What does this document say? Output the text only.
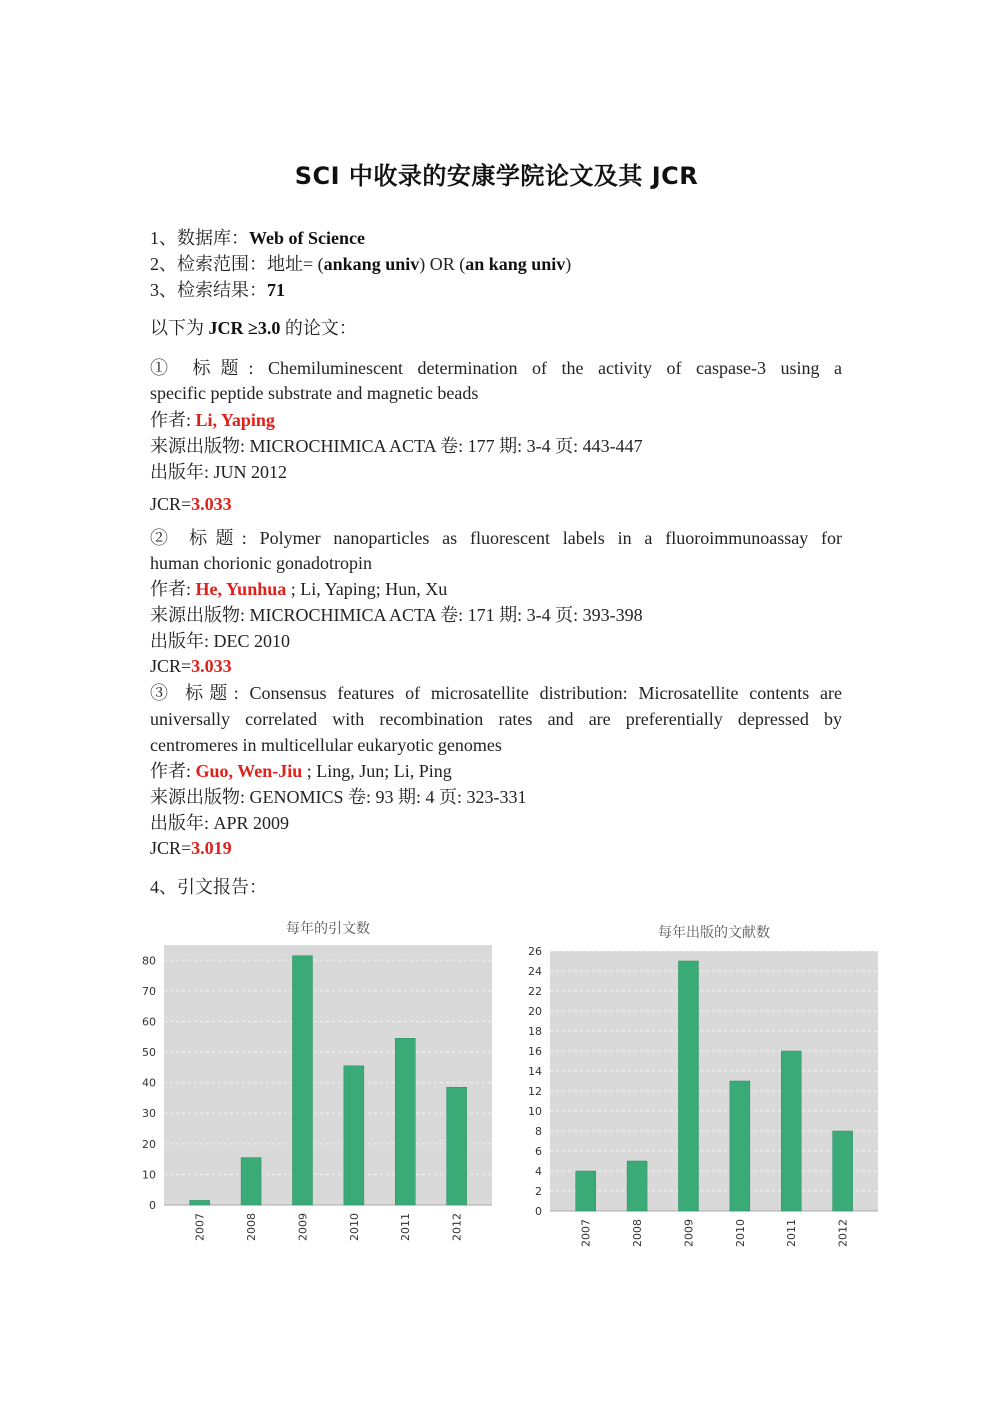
SCI 中收录的安康学院论文及其 JCR
1、数据库：Web of Science
2、检索范围：地址= (ankang univ) OR (an kang univ)
3、检索结果：71
以下为 JCR ≥3.0 的论文：
① 标题: Chemiluminescent determination of the activity of caspase-3 using a
specific peptide substrate and magnetic beads
作者: Li, Yaping
来源出版物: MICROCHIMICA ACTA 卷: 177 期: 3-4 页: 443-447
出版年: JUN 2012
JCR=3.033
② 标题: Polymer nanoparticles as fluorescent labels in a fluoroimmunoassay for
human chorionic gonadotropin
作者: He, Yunhua ; Li, Yaping; Hun, Xu
来源出版物: MICROCHIMICA ACTA 卷: 171 期: 3-4 页: 393-398
出版年: DEC 2010
JCR=3.033
③ 标题: Consensus features of microsatellite distribution: Microsatellite contents are
universally correlated with recombination rates and are preferentially depressed by
centromeres in multicellular eukaryotic genomes
作者: Guo, Wen-Jiu ; Ling, Jun; Li, Ping
来源出版物: GENOMICS 卷: 93 期: 4 页: 323-331
出版年: APR 2009
JCR=3.019
4、引文报告：
每年的引文数
0
10
20
30
40
50
60
70
80
2007	2008	2009	2010	2011	2012
每年出版的文献数
0
2
4
6
8
10
12
14
16
18
20
22
24
26
2007	2008	2009	2010	2011	2012
